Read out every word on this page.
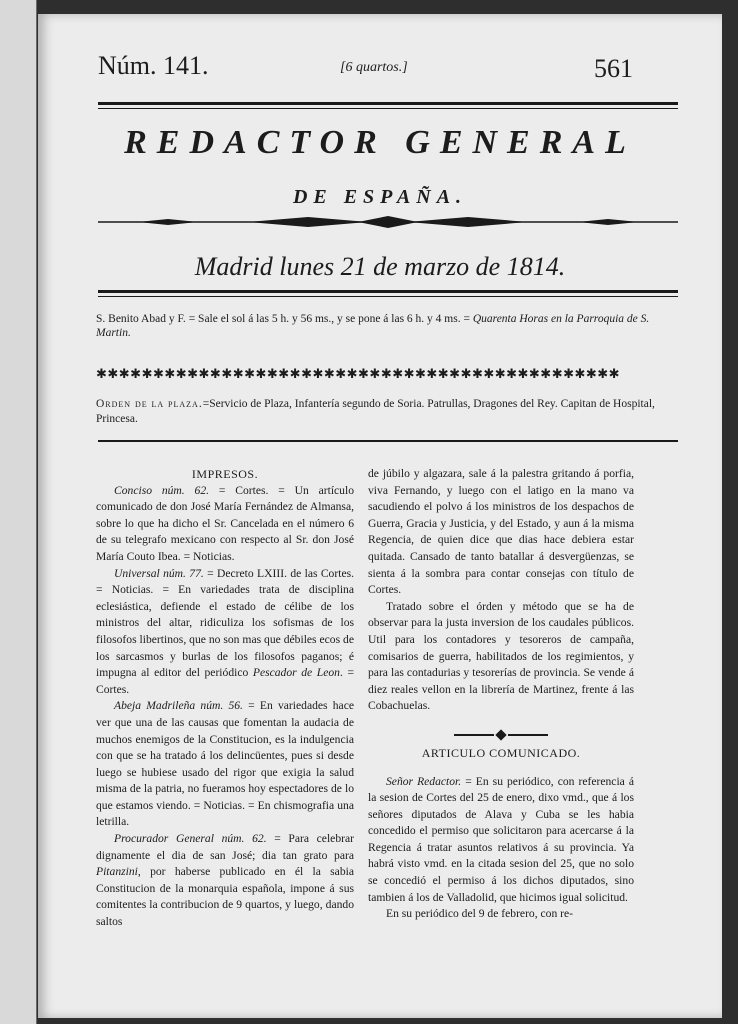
Núm. 141.	[6 quartos.]	561
REDACTOR GENERAL
DE ESPAÑA.
Madrid lunes 21 de marzo de 1814.
S. Benito Abad y F. = Sale el sol á las 5 h. y 56 ms., y se pone á las 6 h. y 4 ms. = Quarenta Horas en la Parroquia de S. Martin.
✱✱✱✱✱✱✱✱✱✱✱✱✱✱✱✱✱✱✱✱✱✱✱✱✱✱✱✱✱✱✱✱✱✱✱✱✱✱✱✱✱✱✱✱✱✱
Orden de la plaza.=Servicio de Plaza, Infantería segundo de Soria. Patrullas, Dragones del Rey. Capitan de Hospital, Princesa.

IMPRESOS.

Conciso núm. 62. = Cortes. = Un artículo comunicado de don José María Fernández de Almansa, sobre lo que ha dicho el Sr. Cancelada en el número 6 de su telegrafo mexicano con respecto al Sr. don José María Couto Ibea. = Noticias.

Universal núm. 77. = Decreto LXIII. de las Cortes. = Noticias. = En variedades trata de disciplina eclesiástica, defiende el estado de célibe de los ministros del altar, ridiculiza los sofismas de los filosofos libertinos, que no son mas que débiles ecos de los sarcasmos y burlas de los filosofos paganos; é impugna al editor del periódico Pescador de Leon. = Cortes.

Abeja Madrileña núm. 56. = En variedades hace ver que una de las causas que fomentan la audacia de muchos enemigos de la Constitucion, es la indulgencia con que se ha tratado á los delincüentes, pues si desde luego se hubiese usado del rigor que exigia la salud misma de la patria, no fueramos hoy espectadores de lo que estamos viendo. = Noticias. = En chismografia una letrilla.

Procurador General núm. 62. = Para celebrar dignamente el dia de san José; dia tan grato para Pitanzini, por haberse publicado en él la sabia Constitucion de la monarquia española, impone á sus comitentes la contribucion de 9 quartos, y luego, dando saltos

de júbilo y algazara, sale á la palestra gritando á porfia, viva Fernando, y luego con el latigo en la mano va sacudiendo el polvo á los ministros de los despachos de Guerra, Gracia y Justicia, y del Estado, y aun á la misma Regencia, de quien dice que dias hace debiera estar quitada. Cansado de tanto batallar á desvergüenzas, se sienta á la sombra para contar consejas con título de Cortes.

Tratado sobre el órden y método que se ha de observar para la justa inversion de los caudales públicos. Util para los contadores y tesoreros de campaña, comisarios de guerra, habilitados de los regimientos, y para las contadurias y tesorerías de provincia. Se vende á diez reales vellon en la librería de Martinez, frente á las Cobachuelas.

ARTICULO COMUNICADO.

Señor Redactor. = En su periódico, con referencia á la sesion de Cortes del 25 de enero, dixo vmd., que á los señores diputados de Alava y Cuba se les habia concedido el permiso que solicitaron para acercarse á la Regencia á tratar asuntos relativos á su provincia. Ya habrá visto vmd. en la citada sesion del 25, que no solo se concedió el permiso á los dichos diputados, sino tambien á los de Valladolid, que hicimos igual solicitud.

En su periódico del 9 de febrero, con re-
